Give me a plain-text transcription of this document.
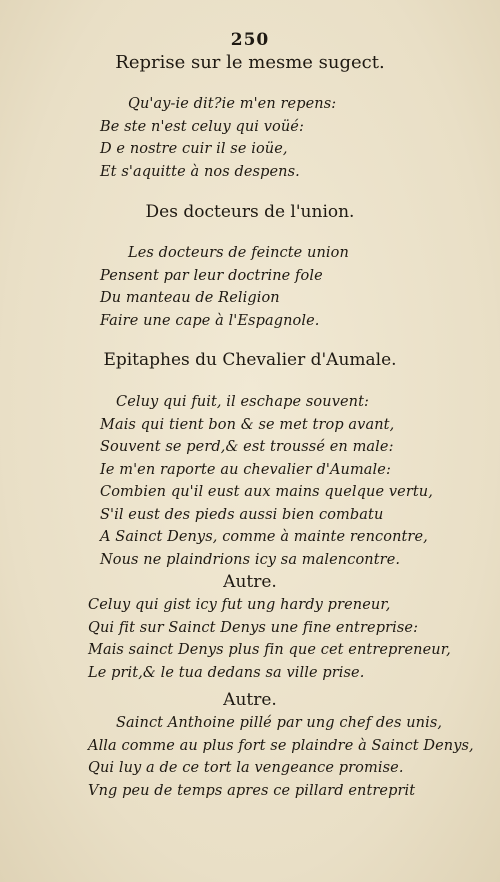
250
Reprise sur le mesme sugect.
Qu'ay-ie dit?ie m'en repens:
Be ste n'est celuy qui voüé:
D e nostre cuir il se ioüe,
Et s'aquitte à nos despens.
Des docteurs de l'union.
Les docteurs de feincte union
Pensent par leur doctrine fole
Du manteau de Religion
Faire une cape à l'Espagnole.
Epitaphes du Chevalier d'Aumale.
Celuy qui fuit, il eschape souvent:
Mais qui tient bon & se met trop avant,
Souvent se perd,& est troussé en male:
Ie m'en raporte au chevalier d'Aumale:
Combien qu'il eust aux mains quelque vertu,
S'il eust des pieds aussi bien combatu
A Sainct Denys, comme à mainte rencontre,
Nous ne plaindrions icy sa malencontre.
Autre.
Celuy qui gist icy fut ung hardy preneur,
Qui fit sur Sainct Denys une fine entreprise:
Mais sainct Denys plus fin que cet entrepreneur,
Le prit,& le tua dedans sa ville prise.
Autre.
Sainct Anthoine pillé par ung chef des unis,
Alla comme au plus fort se plaindre à Sainct Denys,
Qui luy a de ce tort la vengeance promise.
Vng peu de temps apres ce pillard entreprit
